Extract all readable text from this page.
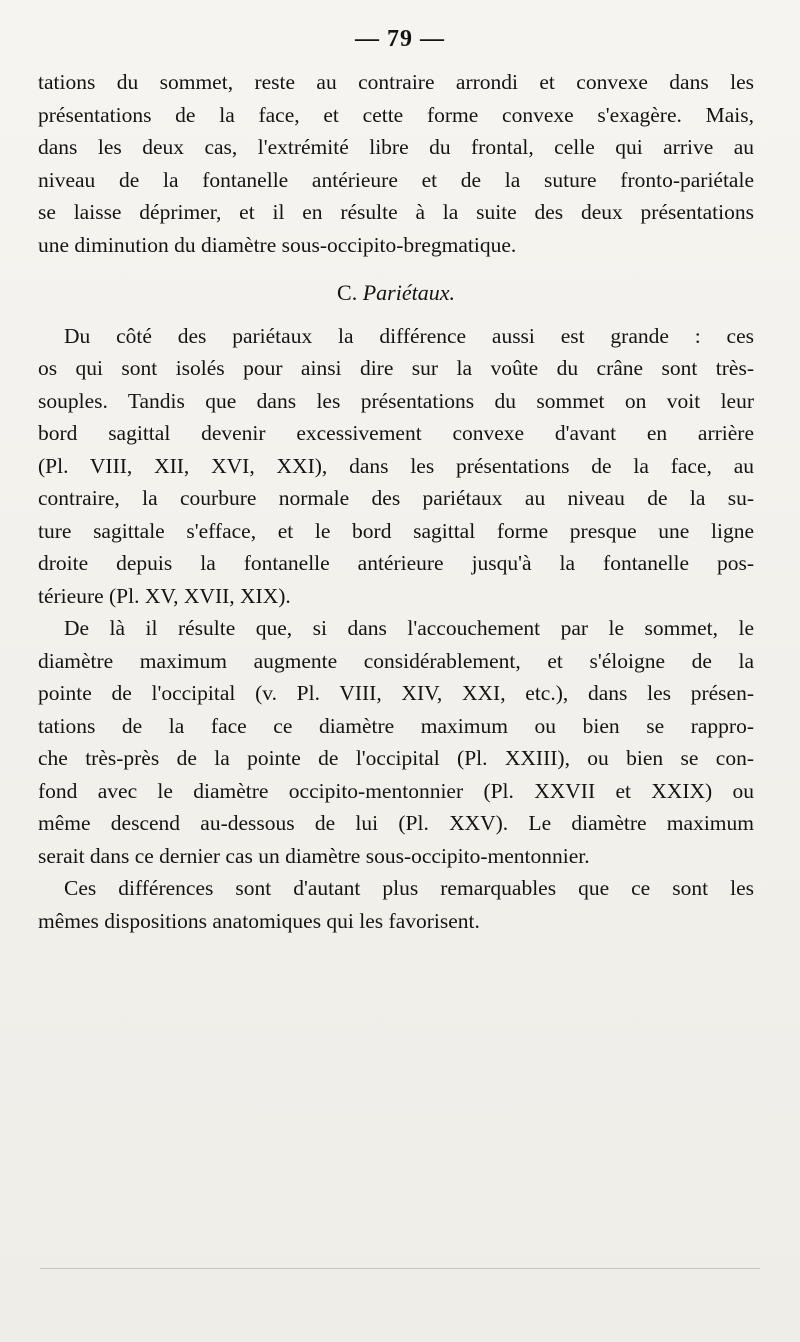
— 79 —
tations du sommet, reste au contraire arrondi et convexe dans les
présentations de la face, et cette forme convexe s'exagère. Mais,
dans les deux cas, l'extrémité libre du frontal, celle qui arrive au
niveau de la fontanelle antérieure et de la suture fronto-pariétale
se laisse déprimer, et il en résulte à la suite des deux présentations
une diminution du diamètre sous-occipito-bregmatique.
C. Pariétaux.
Du côté des pariétaux la différence aussi est grande : ces
os qui sont isolés pour ainsi dire sur la voûte du crâne sont très-
souples. Tandis que dans les présentations du sommet on voit leur
bord sagittal devenir excessivement convexe d'avant en arrière
(Pl. VIII, XII, XVI, XXI), dans les présentations de la face, au
contraire, la courbure normale des pariétaux au niveau de la su-
ture sagittale s'efface, et le bord sagittal forme presque une ligne
droite depuis la fontanelle antérieure jusqu'à la fontanelle pos-
térieure (Pl. XV, XVII, XIX).
De là il résulte que, si dans l'accouchement par le sommet, le
diamètre maximum augmente considérablement, et s'éloigne de la
pointe de l'occipital (v. Pl. VIII, XIV, XXI, etc.), dans les présen-
tations de la face ce diamètre maximum ou bien se rappro-
che très-près de la pointe de l'occipital (Pl. XXIII), ou bien se con-
fond avec le diamètre occipito-mentonnier (Pl. XXVII et XXIX) ou
même descend au-dessous de lui (Pl. XXV). Le diamètre maximum
serait dans ce dernier cas un diamètre sous-occipito-mentonnier.
Ces différences sont d'autant plus remarquables que ce sont les
mêmes dispositions anatomiques qui les favorisent.
